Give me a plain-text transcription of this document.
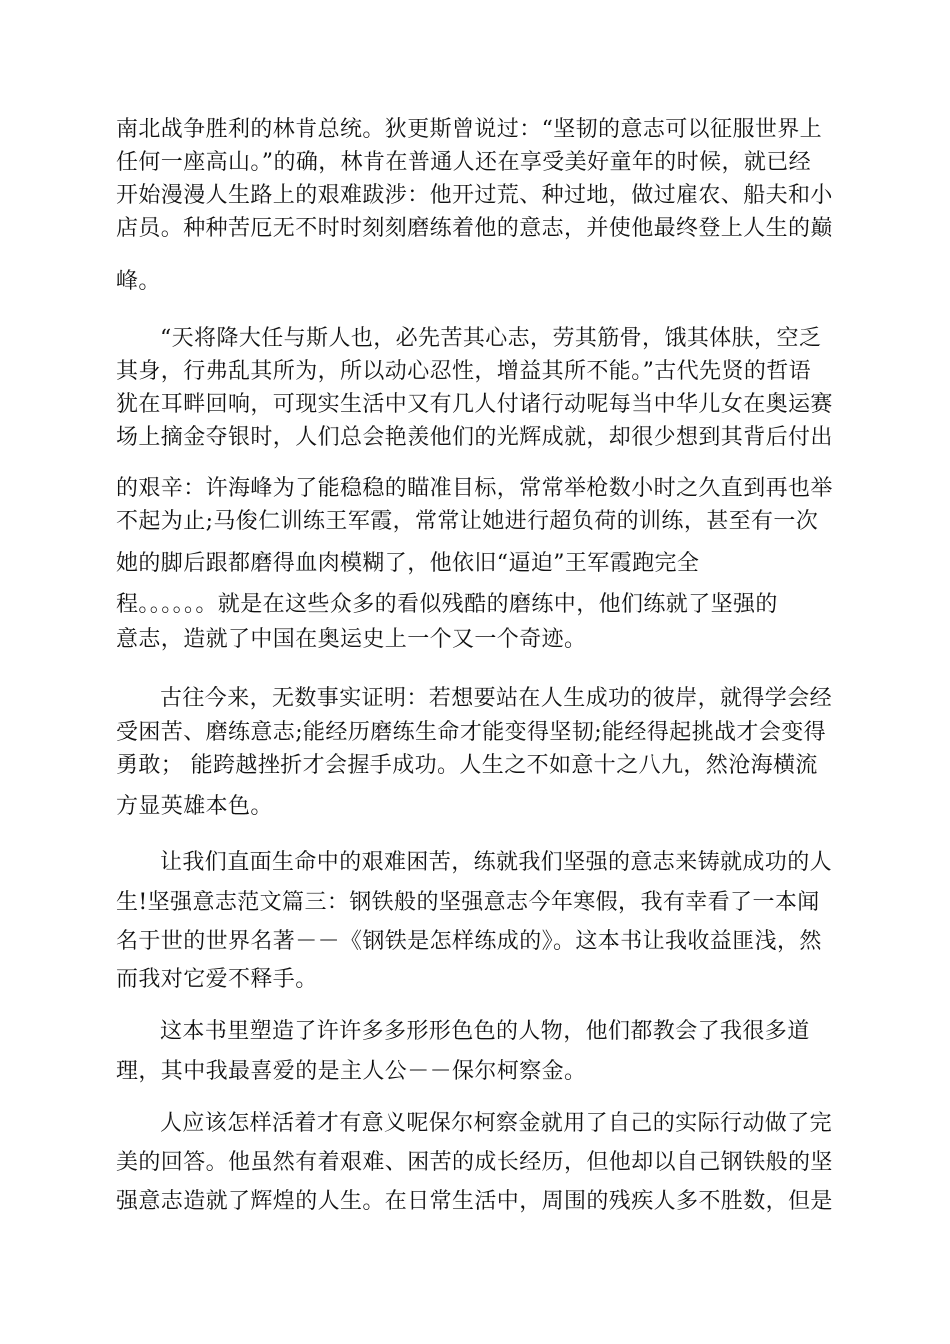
南北战争胜利的林肯总统。狄更斯曾说过：“坚韧的意志可以征服世界上
任何一座高山。”的确，林肯在普通人还在享受美好童年的时候，就已经
开始漫漫人生路上的艰难跋涉：他开过荒、种过地，做过雇农、船夫和小
店员。种种苦厄无不时时刻刻磨练着他的意志，并使他最终登上人生的巅
峰。
“天将降大任与斯人也，必先苦其心志，劳其筋骨，饿其体肤，空乏
其身，行弗乱其所为，所以动心忍性，增益其所不能。”古代先贤的哲语
犹在耳畔回响，可现实生活中又有几人付诸行动呢每当中华儿女在奥运赛
场上摘金夺银时，人们总会艳羡他们的光辉成就，却很少想到其背后付出
的艰辛：许海峰为了能稳稳的瞄准目标，常常举枪数小时之久直到再也举
不起为止;马俊仁训练王军霞，常常让她进行超负荷的训练，甚至有一次
她的脚后跟都磨得血肉模糊了，他依旧“逼迫”王军霞跑完全
程。。。。。。就是在这些众多的看似残酷的磨练中，他们练就了坚强的
意志，造就了中国在奥运史上一个又一个奇迹。
古往今来，无数事实证明：若想要站在人生成功的彼岸，就得学会经
受困苦、磨练意志;能经历磨练生命才能变得坚韧;能经得起挑战才会变得
勇敢； 能跨越挫折才会握手成功。人生之不如意十之八九，然沧海横流
方显英雄本色。
让我们直面生命中的艰难困苦，练就我们坚强的意志来铸就成功的人
生!坚强意志范文篇三：钢铁般的坚强意志今年寒假，我有幸看了一本闻
名于世的世界名著－－《钢铁是怎样练成的》。这本书让我收益匪浅，然
而我对它爱不释手。
这本书里塑造了许许多多形形色色的人物，他们都教会了我很多道
理，其中我最喜爱的是主人公－－保尔柯察金。
人应该怎样活着才有意义呢保尔柯察金就用了自己的实际行动做了完
美的回答。他虽然有着艰难、困苦的成长经历，但他却以自己钢铁般的坚
强意志造就了辉煌的人生。在日常生活中，周围的残疾人多不胜数，但是
